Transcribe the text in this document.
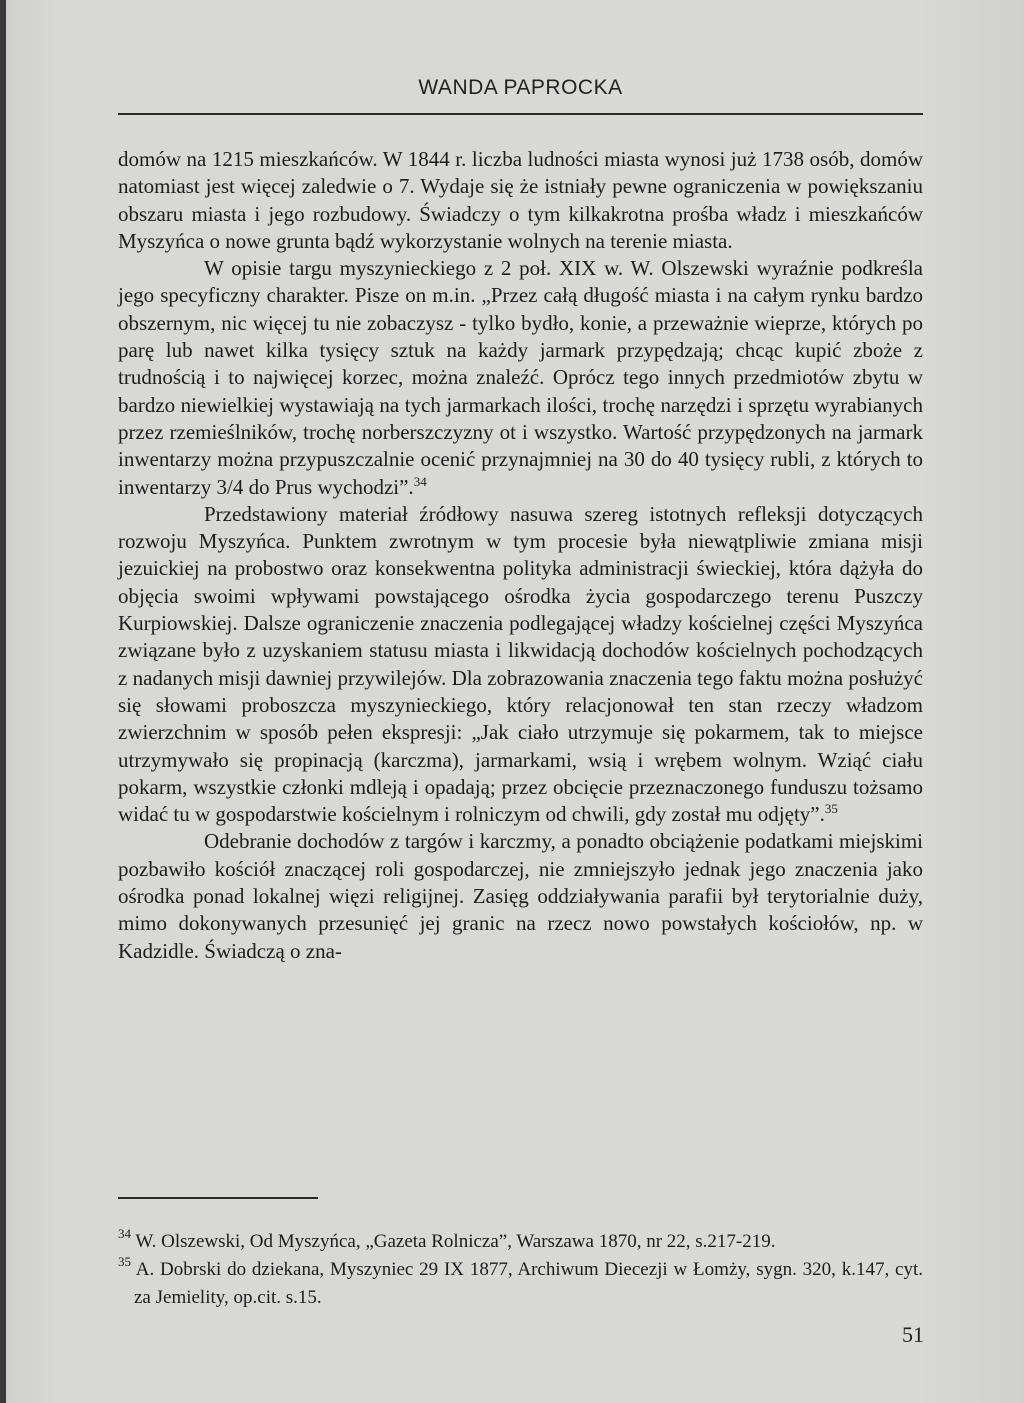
WANDA PAPROCKA

domów na 1215 mieszkańców. W 1844 r. liczba ludności miasta wynosi już 1738 osób, domów natomiast jest więcej zaledwie o 7. Wydaje się że istniały pewne ograniczenia w powiększaniu obszaru miasta i jego rozbudowy. Świadczy o tym kilkakrotna prośba władz i mieszkańców Myszyńca o nowe grunta bądź wykorzystanie wolnych na terenie miasta.

W opisie targu myszynieckiego z 2 poł. XIX w. W. Olszewski wyraźnie podkreśla jego specyficzny charakter. Pisze on m.in. „Przez całą długość miasta i na całym rynku bardzo obszernym, nic więcej tu nie zobaczysz - tylko bydło, konie, a przeważnie wieprze, których po parę lub nawet kilka tysięcy sztuk na każdy jarmark przypędzają; chcąc kupić zboże z trudnością i to najwięcej korzec, można znaleźć. Oprócz tego innych przedmiotów zbytu w bardzo niewielkiej wystawiają na tych jarmarkach ilości, trochę narzędzi i sprzętu wyrabianych przez rzemieślników, trochę norberszczyzny ot i wszystko. Wartość przypędzonych na jarmark inwentarzy można przypuszczalnie ocenić przynajmniej na 30 do 40 tysięcy rubli, z których to inwentarzy 3/4 do Prus wychodzi”.$^{34}$

Przedstawiony materiał źródłowy nasuwa szereg istotnych refleksji dotyczących rozwoju Myszyńca. Punktem zwrotnym w tym procesie była niewątpliwie zmiana misji jezuickiej na probostwo oraz konsekwentna polityka administracji świeckiej, która dążyła do objęcia swoimi wpływami powstającego ośrodka życia gospodarczego terenu Puszczy Kurpiowskiej. Dalsze ograniczenie znaczenia podlegającej władzy kościelnej części Myszyńca związane było z uzyskaniem statusu miasta i likwidacją dochodów kościelnych pochodzących z nadanych misji dawniej przywilejów. Dla zobrazowania znaczenia tego faktu można posłużyć się słowami proboszcza myszynieckiego, który relacjonował ten stan rzeczy władzom zwierzchnim w sposób pełen ekspresji: „Jak ciało utrzymuje się pokarmem, tak to miejsce utrzymywało się propinacją (karczma), jarmarkami, wsią i wrębem wolnym. Wziąć ciału pokarm, wszystkie członki mdleją i opadają; przez obcięcie przeznaczonego funduszu tożsamo widać tu w gospodarstwie kościelnym i rolniczym od chwili, gdy został mu odjęty”.$^{35}$

Odebranie dochodów z targów i karczmy, a ponadto obciążenie podatkami miejskimi pozbawiło kościół znaczącej roli gospodarczej, nie zmniejszyło jednak jego znaczenia jako ośrodka ponad lokalnej więzi religijnej. Zasięg oddziaływania parafii był terytorialnie duży, mimo dokonywanych przesunięć jej granic na rzecz nowo powstałych kościołów, np. w Kadzidle. Świadczą o zna-

$^{34}$ W. Olszewski, Od Myszyńca, „Gazeta Rolnicza”, Warszawa 1870, nr 22, s.217-219.

$^{35}$ A. Dobrski do dziekana, Myszyniec 29 IX 1877, Archiwum Diecezji w Łomży, sygn. 320, k.147, cyt. za Jemielity, op.cit. s.15.

51
